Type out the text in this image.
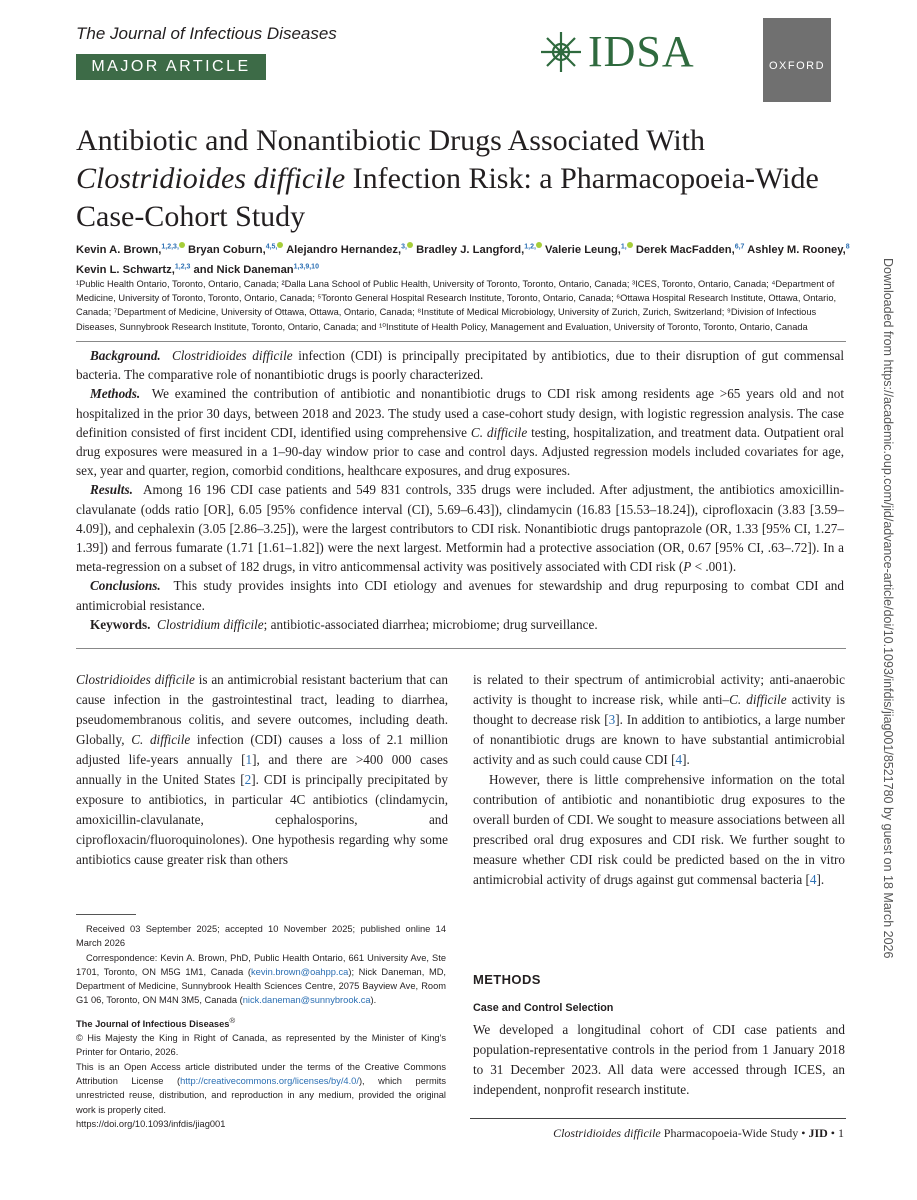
The Journal of Infectious Diseases
MAJOR ARTICLE	IDSA	OXFORD
Antibiotic and Nonantibiotic Drugs Associated With
Clostridioides difficile Infection Risk: a Pharmacopoeia-Wide
Case-Cohort Study
Kevin A. Brown,$^{1,2,3,}$ Bryan Coburn,$^{4,5,}$ Alejandro Hernandez,$^{3,}$ Bradley J. Langford,$^{1,2,}$ Valerie Leung,$^{1,}$ Derek MacFadden,$^{6,7}$ Ashley M. Rooney,$^8$
Kevin L. Schwartz,$^{1,2,3}$ and Nick Daneman$^{1,3,9,10}$
¹Public Health Ontario, Toronto, Ontario, Canada; ²Dalla Lana School of Public Health, University of Toronto, Toronto, Ontario, Canada; ³ICES, Toronto, Ontario, Canada; ⁴Department of Medicine, University of Toronto, Toronto, Ontario, Canada; ⁵Toronto General Hospital Research Institute, Toronto, Ontario, Canada; ⁶Ottawa Hospital Research Institute, Ottawa, Ontario, Canada; ⁷Department of Medicine, University of Ottawa, Ottawa, Ontario, Canada; ⁸Institute of Medical Microbiology, University of Zurich, Zurich, Switzerland; ⁹Division of Infectious Diseases, Sunnybrook Research Institute, Toronto, Ontario, Canada; and ¹⁰Institute of Health Policy, Management and Evaluation, University of Toronto, Toronto, Ontario, Canada

Background. Clostridioides difficile infection (CDI) is principally precipitated by antibiotics, due to their disruption of gut commensal bacteria. The comparative role of nonantibiotic drugs is poorly characterized.

Methods. We examined the contribution of antibiotic and nonantibiotic drugs to CDI risk among residents age >65 years old and not hospitalized in the prior 30 days, between 2018 and 2023. The study used a case-cohort study design, with logistic regression analysis. The case definition consisted of first incident CDI, identified using comprehensive C. difficile testing, hospitalization, and treatment data. Outpatient oral drug exposures were measured in a 1–90-day window prior to case and control days. Adjusted regression models included covariates for age, sex, year and quarter, region, comorbid conditions, healthcare exposures, and drug exposures.

Results. Among 16 196 CDI case patients and 549 831 controls, 335 drugs were included. After adjustment, the antibiotics amoxicillin-clavulanate (odds ratio [OR], 6.05 [95% confidence interval (CI), 5.69–6.43]), clindamycin (16.83 [15.53–18.24]), ciprofloxacin (3.83 [3.59–4.09]), and cephalexin (3.05 [2.86–3.25]), were the largest contributors to CDI risk. Nonantibiotic drugs pantoprazole (OR, 1.33 [95% CI, 1.27–1.39]) and ferrous fumarate (1.71 [1.61–1.82]) were the next largest. Metformin had a protective association (OR, 0.67 [95% CI, .63–.72]). In a meta-regression on a subset of 182 drugs, in vitro anticommensal activity was positively associated with CDI risk (P < .001).

Conclusions. This study provides insights into CDI etiology and avenues for stewardship and drug repurposing to combat CDI and antimicrobial resistance.

Keywords. Clostridium difficile; antibiotic-associated diarrhea; microbiome; drug surveillance.

Clostridioides difficile is an antimicrobial resistant bacterium that can cause infection in the gastrointestinal tract, leading to diarrhea, pseudomembranous colitis, and severe outcomes, including death. Globally, C. difficile infection (CDI) causes a loss of 2.1 million adjusted life-years annually [1], and there are >400 000 cases annually in the United States [2]. CDI is principally precipitated by exposure to antibiotics, in particular 4C antibiotics (clindamycin, amoxicillin-clavulanate, cephalosporins, and ciprofloxacin/fluoroquinolones). One hypothesis regarding why some antibiotics cause greater risk than others

is related to their spectrum of antimicrobial activity; anti-anaerobic activity is thought to increase risk, while anti–C. difficile activity is thought to decrease risk [3]. In addition to antibiotics, a large number of nonantibiotic drugs are known to have substantial antimicrobial activity and as such could cause CDI [4].

However, there is little comprehensive information on the total contribution of antibiotic and nonantibiotic drug exposures to the overall burden of CDI. We sought to measure associations between all prescribed oral drug exposures and CDI risk. We further sought to measure whether CDI risk could be predicted based on the in vitro antimicrobial activity of drugs against gut commensal bacteria [4].

Received 03 September 2025; accepted 10 November 2025; published online 14 March 2026

Correspondence: Kevin A. Brown, PhD, Public Health Ontario, 661 University Ave, Ste 1701, Toronto, ON M5G 1M1, Canada (kevin.brown@oahpp.ca); Nick Daneman, MD, Department of Medicine, Sunnybrook Health Sciences Centre, 2075 Bayview Ave, Room G1 06, Toronto, ON M4N 3M5, Canada (nick.daneman@sunnybrook.ca).

The Journal of Infectious Diseases®

© His Majesty the King in Right of Canada, as represented by the Minister of King's Printer for Ontario, 2026.

This is an Open Access article distributed under the terms of the Creative Commons Attribution License (http://creativecommons.org/licenses/by/4.0/), which permits unrestricted reuse, distribution, and reproduction in any medium, provided the original work is properly cited.

https://doi.org/10.1093/infdis/jiag001

METHODS
Case and Control Selection

We developed a longitudinal cohort of CDI case patients and population-representative controls in the period from 1 January 2018 to 31 December 2023. All data were accessed through ICES, an independent, nonprofit research institute.

Downloaded from https://academic.oup.com/jid/advance-article/doi/10.1093/infdis/jiag001/8521780 by guest on 18 March 2026
Clostridioides difficile Pharmacopoeia-Wide Study • JID • 1
